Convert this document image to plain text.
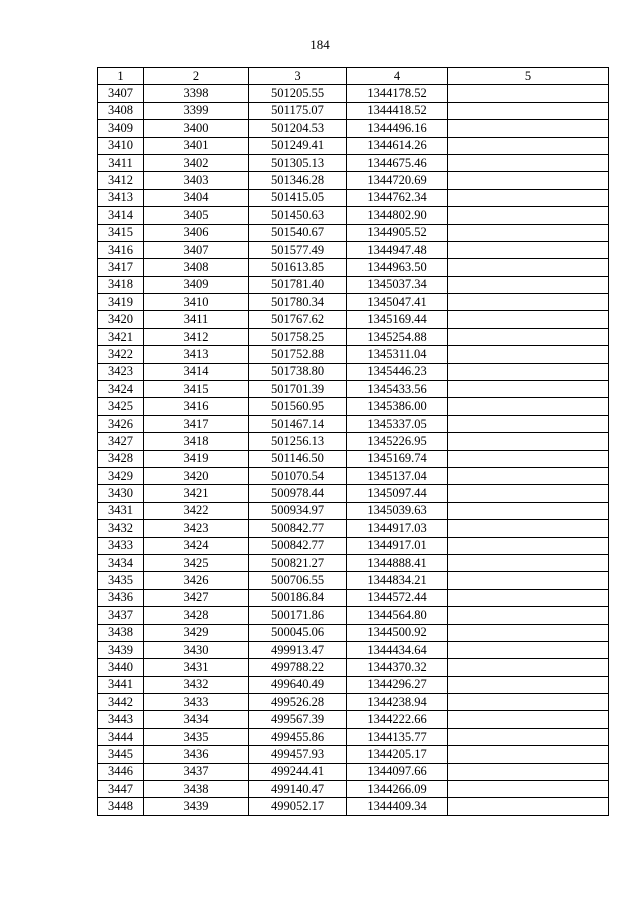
184
1	2	3	4	5
3407	3398	501205.55	1344178.52	
3408	3399	501175.07	1344418.52	
3409	3400	501204.53	1344496.16	
3410	3401	501249.41	1344614.26	
3411	3402	501305.13	1344675.46	
3412	3403	501346.28	1344720.69	
3413	3404	501415.05	1344762.34	
3414	3405	501450.63	1344802.90	
3415	3406	501540.67	1344905.52	
3416	3407	501577.49	1344947.48	
3417	3408	501613.85	1344963.50	
3418	3409	501781.40	1345037.34	
3419	3410	501780.34	1345047.41	
3420	3411	501767.62	1345169.44	
3421	3412	501758.25	1345254.88	
3422	3413	501752.88	1345311.04	
3423	3414	501738.80	1345446.23	
3424	3415	501701.39	1345433.56	
3425	3416	501560.95	1345386.00	
3426	3417	501467.14	1345337.05	
3427	3418	501256.13	1345226.95	
3428	3419	501146.50	1345169.74	
3429	3420	501070.54	1345137.04	
3430	3421	500978.44	1345097.44	
3431	3422	500934.97	1345039.63	
3432	3423	500842.77	1344917.03	
3433	3424	500842.77	1344917.01	
3434	3425	500821.27	1344888.41	
3435	3426	500706.55	1344834.21	
3436	3427	500186.84	1344572.44	
3437	3428	500171.86	1344564.80	
3438	3429	500045.06	1344500.92	
3439	3430	499913.47	1344434.64	
3440	3431	499788.22	1344370.32	
3441	3432	499640.49	1344296.27	
3442	3433	499526.28	1344238.94	
3443	3434	499567.39	1344222.66	
3444	3435	499455.86	1344135.77	
3445	3436	499457.93	1344205.17	
3446	3437	499244.41	1344097.66	
3447	3438	499140.47	1344266.09	
3448	3439	499052.17	1344409.34	
